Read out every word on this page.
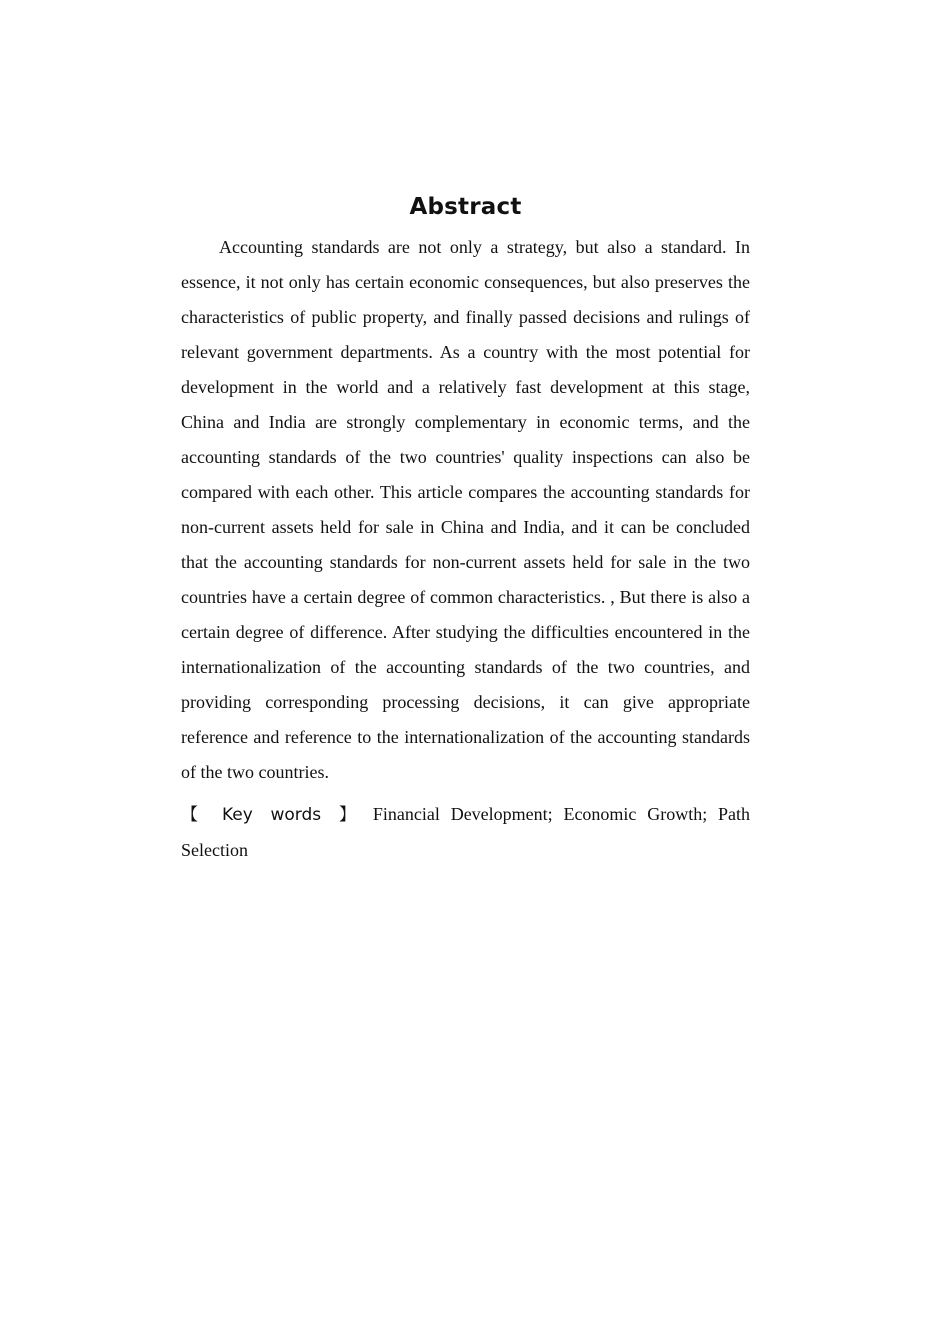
Abstract

Accounting standards are not only a strategy, but also a standard. In essence, it not only has certain economic consequences, but also preserves the characteristics of public property, and finally passed decisions and rulings of relevant government departments. As a country with the most potential for development in the world and a relatively fast development at this stage, China and India are strongly complementary in economic terms, and the accounting standards of the two countries' quality inspections can also be compared with each other. This article compares the accounting standards for non-current assets held for sale in China and India, and it can be concluded that the accounting standards for non-current assets held for sale in the two countries have a certain degree of common characteristics. , But there is also a certain degree of difference. After studying the difficulties encountered in the internationalization of the accounting standards of the two countries, and providing corresponding processing decisions, it can give appropriate reference and reference to the internationalization of the accounting standards of the two countries.

【 Key words 】 Financial Development; Economic Growth; Path Selection
